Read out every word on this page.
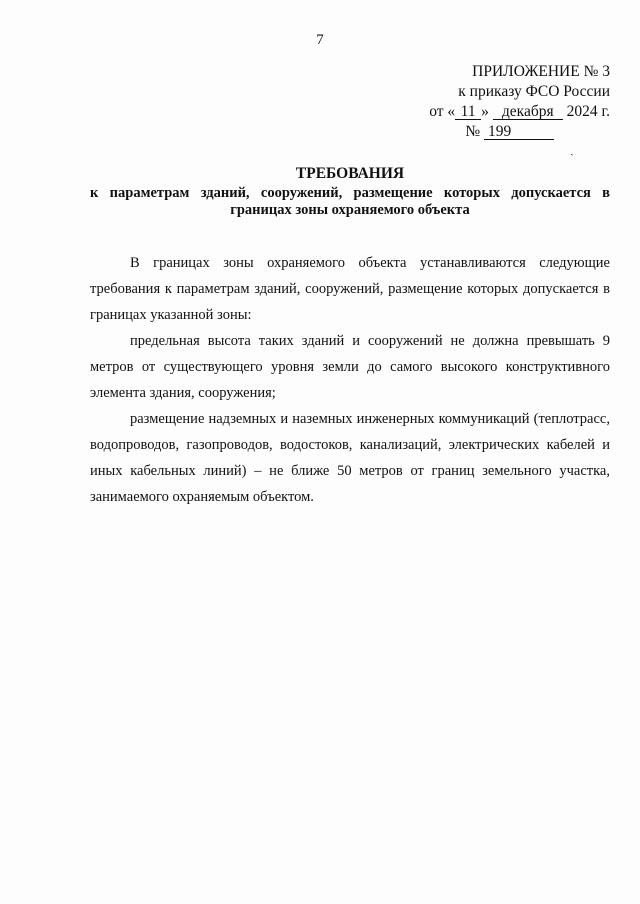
7
ПРИЛОЖЕНИЕ № 3
к приказу ФСО России
от « 11 » декабря 2024 г.
№ 199
ˏ
ТРЕБОВАНИЯ
к параметрам зданий, сооружений, размещение которых допускается в границах зоны охраняемого объекта

В границах зоны охраняемого объекта устанавливаются следующие требования к параметрам зданий, сооружений, размещение которых допускается в границах указанной зоны:

предельная высота таких зданий и сооружений не должна превышать 9 метров от существующего уровня земли до самого высокого конструктивного элемента здания, сооружения;

размещение надземных и наземных инженерных коммуникаций (теплотрасс, водопроводов, газопроводов, водостоков, канализаций, электрических кабелей и иных кабельных линий) – не ближе 50 метров от границ земельного участка, занимаемого охраняемым объектом.
